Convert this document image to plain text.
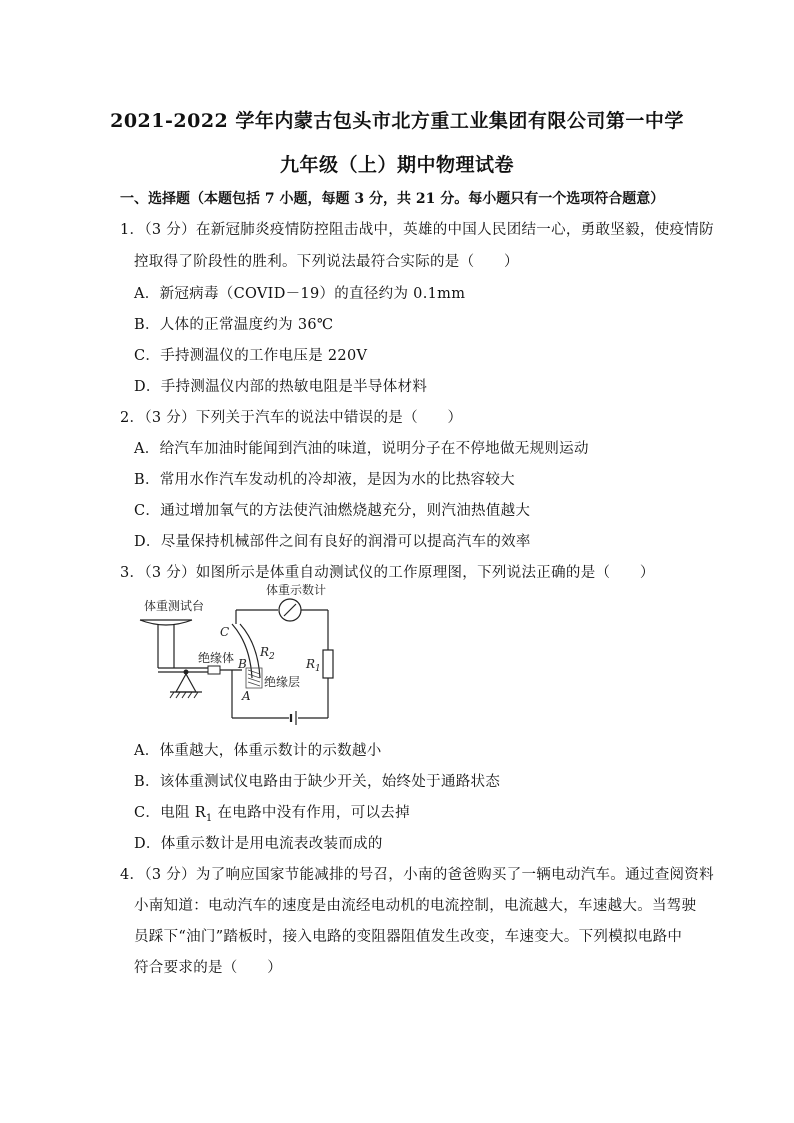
2021-2022 学年内蒙古包头市北方重工业集团有限公司第一中学
九年级（上）期中物理试卷
一、选择题（本题包括 7 小题，每题 3 分，共 21 分。每小题只有一个选项符合题意）
1．（3 分）在新冠肺炎疫情防控阻击战中，英雄的中国人民团结一心，勇敢坚毅，使疫情防
控取得了阶段性的胜利。下列说法最符合实际的是（　　）
A．新冠病毒（COVID－19）的直径约为 0.1mm
B．人体的正常温度约为 36℃
C．手持测温仪的工作电压是 220V
D．手持测温仪内部的热敏电阻是半导体材料
2．（3 分）下列关于汽车的说法中错误的是（　　）
A．给汽车加油时能闻到汽油的味道，说明分子在不停地做无规则运动
B．常用水作汽车发动机的冷却液，是因为水的比热容较大
C．通过增加氧气的方法使汽油燃烧越充分，则汽油热值越大
D．尽量保持机械部件之间有良好的润滑可以提高汽车的效率
3．（3 分）如图所示是体重自动测试仪的工作原理图，下列说法正确的是（　　）
体重测试台
绝缘体
C
B
A
$R_2$
绝缘层
体重示数计
$R_1$
A．体重越大，体重示数计的示数越小
B．该体重测试仪电路由于缺少开关，始终处于通路状态
C．电阻 $R_1$ 在电路中没有作用，可以去掉
D．体重示数计是用电流表改装而成的
4．（3 分）为了响应国家节能减排的号召，小南的爸爸购买了一辆电动汽车。通过查阅资料
小南知道：电动汽车的速度是由流经电动机的电流控制，电流越大，车速越大。当驾驶
员踩下“油门”踏板时，接入电路的变阻器阻值发生改变，车速变大。下列模拟电路中
符合要求的是（　　）
